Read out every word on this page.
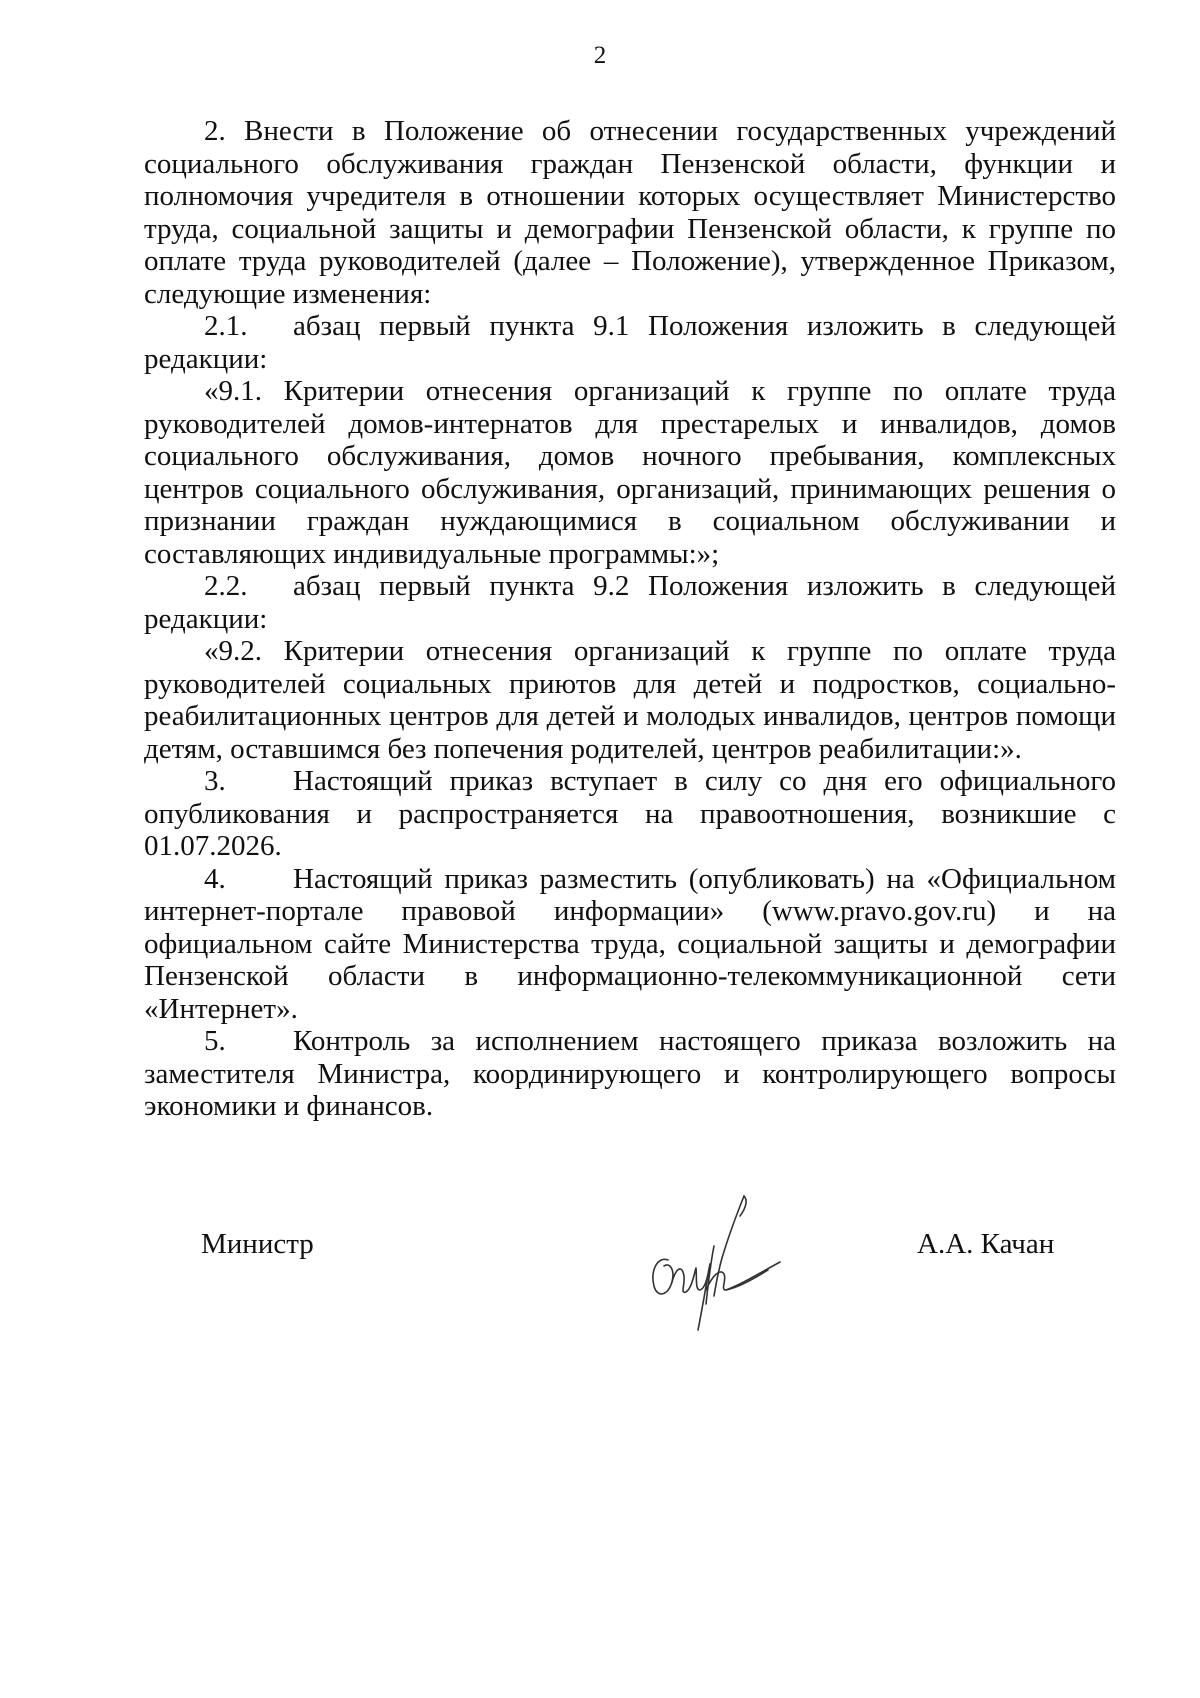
2

2. Внести в Положение об отнесении государственных учреждений социального обслуживания граждан Пензенской области, функции и полномочия учредителя в отношении которых осуществляет Министерство труда, социальной защиты и демографии Пензенской области, к группе по оплате труда руководителей (далее – Положение), утвержденное Приказом, следующие изменения:

2.1. абзац первый пункта 9.1 Положения изложить в следующей редакции:

«9.1. Критерии отнесения организаций к группе по оплате труда руководителей домов-интернатов для престарелых и инвалидов, домов социального обслуживания, домов ночного пребывания, комплексных центров социального обслуживания, организаций, принимающих решения о признании граждан нуждающимися в социальном обслуживании и составляющих индивидуальные программы:»;

2.2. абзац первый пункта 9.2 Положения изложить в следующей редакции:

«9.2. Критерии отнесения организаций к группе по оплате труда руководителей социальных приютов для детей и подростков, социально-реабилитационных центров для детей и молодых инвалидов, центров помощи детям, оставшимся без попечения родителей, центров реабилитации:».

3. Настоящий приказ вступает в силу со дня его официального опубликования и распространяется на правоотношения, возникшие с 01.07.2026.

4. Настоящий приказ разместить (опубликовать) на «Официальном интернет-портале правовой информации» (www.pravo.gov.ru) и на официальном сайте Министерства труда, социальной защиты и демографии Пензенской области в информационно-телекоммуникационной сети «Интернет».

5. Контроль за исполнением настоящего приказа возложить на заместителя Министра, координирующего и контролирующего вопросы экономики и финансов.

Министр	А.А. Качан
